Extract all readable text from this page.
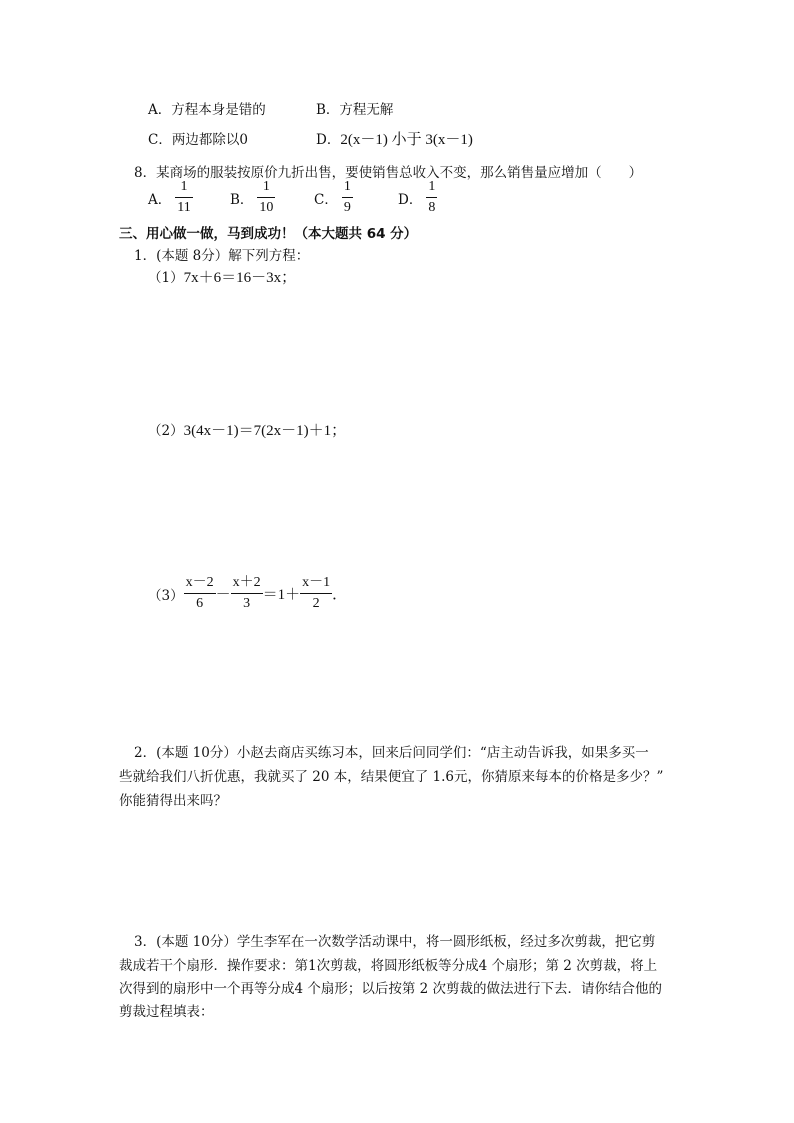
A．方程本身是错的	B．方程无解
C．两边都除以0	D．2(x－1) 小于 3(x－1)
8．某商场的服装按原价九折出售，要使销售总收入不变，那么销售量应增加（　　）
A． $\frac{1}{11}$	B． $\frac{1}{10}$	C． $\frac{1}{9}$	D． $\frac{1}{8}$
三、用心做一做，马到成功！（本大题共 64 分）
1．(本题 8分）解下列方程：
（1）7x＋6＝16－3x；
（2）3(4x－1)＝7(2x－1)＋1；
$(3) \frac{x-2}{6} - \frac{x+2}{3} =1+ \frac{x-1}{2}$ ．
2．(本题 10分）小赵去商店买练习本，回来后问同学们：“店主动告诉我，如果多买一
些就给我们八折优惠，我就买了 20 本，结果便宜了 1.6元，你猜原来每本的价格是多少？”
你能猜得出来吗？
3．(本题 10分）学生李军在一次数学活动课中，将一圆形纸板，经过多次剪裁，把它剪
裁成若干个扇形．操作要求：第1次剪裁，将圆形纸板等分成4 个扇形；第 2 次剪裁，将上
次得到的扇形中一个再等分成4 个扇形；以后按第 2 次剪裁的做法进行下去．请你结合他的
剪裁过程填表：
